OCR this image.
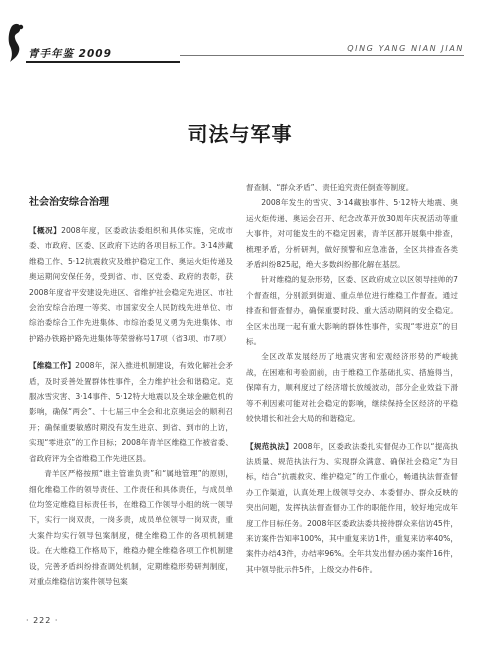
青手年鉴 2009	QING YANG NIAN JIAN
司法与军事

社会治安综合治理

【概况】2008年度，区委政法委组织和具体实施，完成市委、市政府、区委、区政府下达的各项目标工作。3·14涉藏维稳工作、5·12抗震救灾及维护稳定工作、奥运火炬传递及奥运期间安保任务，受到省、市、区党委、政府的表彰，获2008年度省平安建设先进区、省维护社会稳定先进区、市社会治安综合治理一等奖、市国家安全人民防线先进单位、市综治委综合工作先进集体、市综治委见义勇为先进集体、市护路办铁路护路先进集体等荣誉称号17项（省3项、市7项）

【维稳工作】2008年，深入推进机制建设，有效化解社会矛盾，及时妥善处置群体性事件，全力维护社会和谐稳定。克服冰雪灾害、3·14事件、5·12特大地震以及全球金融危机的影响，确保“两会”、十七届三中全会和北京奥运会的顺利召开；确保重要敏感时期没有发生进京、到省、到市的上访，实现“零进京”的工作目标；2008年青羊区维稳工作被省委、省政府评为全省维稳工作先进区县。

青羊区严格按照“谁主管谁负责”和“属地管理”的原则，细化维稳工作的领导责任、工作责任和具体责任，与成员单位均签定维稳目标责任书，在维稳工作领导小组的统一领导下，实行一岗双责，一岗多责，成员单位领导一岗双责，重大案件均实行领导包案制度，健全维稳工作的各项机制建设。在大维稳工作格局下，维稳办健全维稳各项工作机制建设，完善矛盾纠纷排查调处机制，定期维稳形势研判制度，对重点维稳信访案件领导包案

督查制、“群众矛盾”、责任追究责任倒查等制度。

2008年发生的雪灾、3·14藏独事件、5·12特大地震、奥运火炬传递、奥运会召开、纪念改革开放30周年庆祝活动等重大事件，对可能发生的不稳定因素，青羊区都开展集中排查，梳理矛盾，分析研判，做好预警和应急准备，全区共排查各类矛盾纠纷825起，绝大多数纠纷都化解在基层。

针对维稳的复杂形势，区委、区政府成立以区领导挂帅的7个督查组，分别派到街道、重点单位进行维稳工作督查。通过排查和督查督办，确保重要时段、重大活动期间的安全稳定。全区未出现一起有重大影响的群体性事件，实现“零进京”的目标。

全区改革发展经历了地震灾害和宏观经济形势的严峻挑战，在困难和考验面前，由于维稳工作基础扎实、措施得当，保障有力，顺利度过了经济增长放缓波动，部分企业效益下滑等不利因素可能对社会稳定的影响，继续保持全区经济的平稳较快增长和社会大局的和谐稳定。

【规范执法】2008年，区委政法委扎实督促办工作以“提高执法质量、规范执法行为、实现群众满意、确保社会稳定”为目标，结合“抗震救灾、维护稳定”的工作重心，畅通执法督查督办工作渠道，认真处理上级领导交办、本委督办、群众反映的突出问题，发挥执法督查督办工作的职能作用，较好地完成年度工作目标任务。2008年区委政法委共接待群众来信访45件，来访案件告知率100%，其中重复来访1件，重复来访率40%，案件办结43件，办结率96%。全年共发出督办函办案件16件，其中领导批示件5件，上级交办件6件。

· 222 ·
